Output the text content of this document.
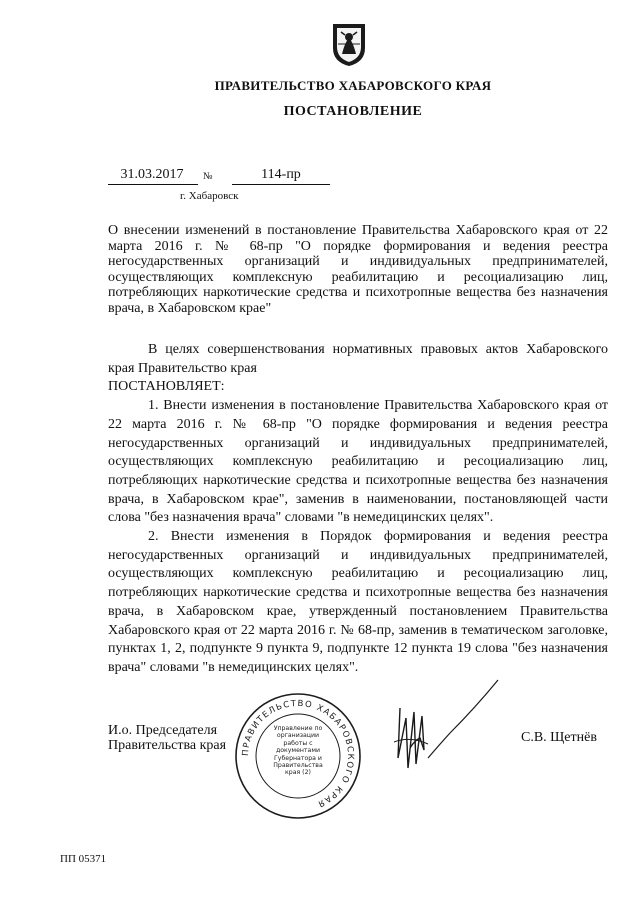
ПРАВИТЕЛЬСТВО ХАБАРОВСКОГО КРАЯ
ПОСТАНОВЛЕНИЕ
31.03.2017	№	114-пр
г. Хабаровск
О внесении изменений в постановление Правительства Хабаровского края от 22 марта 2016 г. № 68-пр "О порядке формирования и ведения реестра негосударственных организаций и индивидуальных предпринимателей, осуществляющих комплексную реабилитацию и ресоциализацию лиц, потребляющих наркотические средства и психотропные вещества без назначения врача, в Хабаровском крае"

В целях совершенствования нормативных правовых актов Хабаровского края Правительство края

ПОСТАНОВЛЯЕТ:

1. Внести изменения в постановление Правительства Хабаровского края от 22 марта 2016 г. № 68-пр "О порядке формирования и ведения реестра негосударственных организаций и индивидуальных предпринимателей, осуществляющих комплексную реабилитацию и ресоциализацию лиц, потребляющих наркотические средства и психотропные вещества без назначения врача, в Хабаровском крае", заменив в наименовании, постановляющей части слова "без назначения врача" словами "в немедицинских целях".

2. Внести изменения в Порядок формирования и ведения реестра негосударственных организаций и индивидуальных предпринимателей, осуществляющих комплексную реабилитацию и ресоциализацию лиц, потребляющих наркотические средства и психотропные вещества без назначения врача, в Хабаровском крае, утвержденный постановлением Правительства Хабаровского края от 22 марта 2016 г. № 68-пр, заменив в тематическом заголовке, пунктах 1, 2, подпункте 9 пункта 9, подпункте 12 пункта 19 слова "без назначения врача" словами "в немедицинских целях".

И.о. Председателя
Правительства края ПРАВИТЕЛЬСТВО ХАБАРОВСКОГО КРАЯ
Управление по организации работы с документами Губернатора и Правительства края (2)
С.В. Щетнёв
ПП 05371
